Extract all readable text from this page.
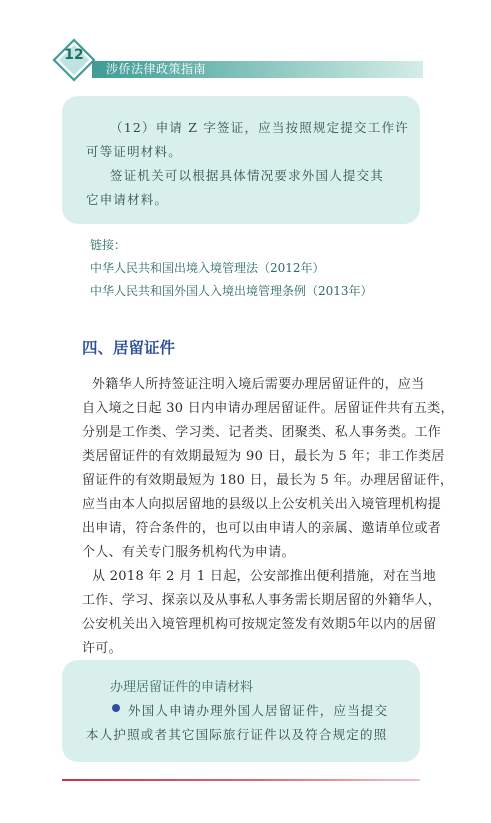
12
涉侨法律政策指南
（12）申请 Z 字签证，应当按照规定提交工作许
可等证明材料。
签证机关可以根据具体情况要求外国人提交其
它申请材料。
链接：
中华人民共和国出境入境管理法（2012年）
中华人民共和国外国人入境出境管理条例（2013年）
四、居留证件
外籍华人所持签证注明入境后需要办理居留证件的，应当
自入境之日起 30 日内申请办理居留证件。居留证件共有五类，
分别是工作类、学习类、记者类、团聚类、私人事务类。工作
类居留证件的有效期最短为 90 日，最长为 5 年；非工作类居
留证件的有效期最短为 180 日，最长为 5 年。办理居留证件，
应当由本人向拟居留地的县级以上公安机关出入境管理机构提
出申请，符合条件的，也可以由申请人的亲属、邀请单位或者
个人、有关专门服务机构代为申请。
从 2018 年 2 月 1 日起，公安部推出便利措施，对在当地
工作、学习、探亲以及从事私人事务需长期居留的外籍华人，
公安机关出入境管理机构可按规定签发有效期5年以内的居留
许可。
办理居留证件的申请材料
外国人申请办理外国人居留证件，应当提交
本人护照或者其它国际旅行证件以及符合规定的照
